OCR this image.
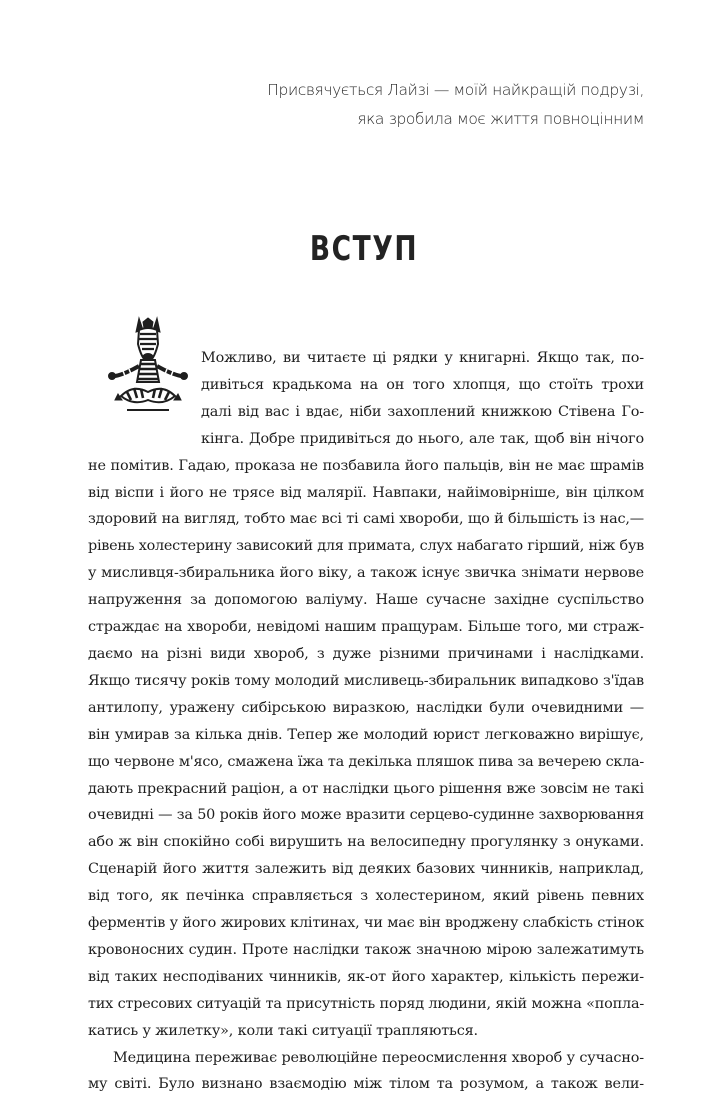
Присвячується Лайзі — моїй найкращій подрузі,
яка зробила моє життя повноцінним
ВСТУП
Можливо, ви читаєте ці рядки у книгарні. Якщо так, по-
дивіться крадькома на он того хлопця, що стоїть трохи
далі від вас і вдає, ніби захоплений книжкою Стівена Го-
кінга. Добре придивіться до нього, але так, щоб він нічого
не помітив. Гадаю, проказа не позбавила його пальців, він не має шрамів
від віспи і його не трясе від малярії. Навпаки, найімовірніше, він цілком
здоровий на вигляд, тобто має всі ті самі хвороби, що й більшість із нас,—
рівень холестерину зависокий для примата, слух набагато гірший, ніж був
у мисливця-збиральника його віку, а також існує звичка знімати нервове
напруження за допомогою валіуму. Наше сучасне західне суспільство
страждає на хвороби, невідомі нашим пращурам. Більше того, ми страж-
даємо на різні види хвороб, з дуже різними причинами і наслідками.
Якщо тисячу років тому молодий мисливець-збиральник випадково з'їдав
антилопу, уражену сибірською виразкою, наслідки були очевидними —
він умирав за кілька днів. Тепер же молодий юрист легковажно вирішує,
що червоне м'ясо, смажена їжа та декілька пляшок пива за вечерею скла-
дають прекрасний раціон, а от наслідки цього рішення вже зовсім не такі
очевидні — за 50 років його може вразити серцево-судинне захворювання
або ж він спокійно собі вирушить на велосипедну прогулянку з онуками.
Сценарій його життя залежить від деяких базових чинників, наприклад,
від того, як печінка справляється з холестерином, який рівень певних
ферментів у його жирових клітинах, чи має він вроджену слабкість стінок
кровоносних судин. Проте наслідки також значною мірою залежатимуть
від таких несподіваних чинників, як-от його характер, кількість пережи-
тих стресових ситуацій та присутність поряд людини, якій можна «попла-
катись у жилетку», коли такі ситуації трапляються.
Медицина переживає революційне переосмислення хвороб у сучасно-
му світі. Було визнано взаємодію між тілом та розумом, а також вели-
